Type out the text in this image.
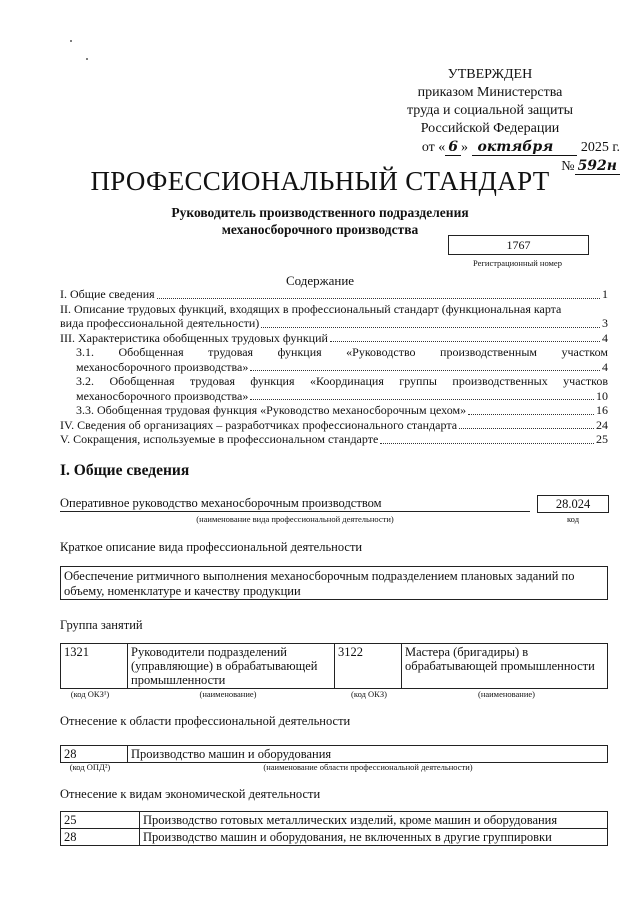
УТВЕРЖДЕН
приказом Министерства
труда и социальной защиты
Российской Федерации
от « 6 » октября 2025 г. № 592н
ПРОФЕССИОНАЛЬНЫЙ СТАНДАРТ
Руководитель производственного подразделения
механосборочного производства
1767
Регистрационный номер
Содержание
I. Общие сведения	1
II. Описание трудовых функций, входящих в профессиональный стандарт (функциональная карта
вида профессиональной деятельности)	3
III. Характеристика обобщенных трудовых функций	4
3.1. Обобщенная трудовая функция «Руководство производственным участком
механосборочного производства»	4
3.2. Обобщенная трудовая функция «Координация группы производственных участков
механосборочного производства»	10
3.3. Обобщенная трудовая функция «Руководство механосборочным цехом»	16
IV. Сведения об организациях – разработчиках профессионального стандарта	24
V. Сокращения, используемые в профессиональном стандарте	25
I. Общие сведения
Оперативное руководство механосборочным производством	28.024
(наименование вида профессиональной деятельности)	код
Краткое описание вида профессиональной деятельности
Обеспечение ритмичного выполнения механосборочным подразделением плановых заданий по объему, номенклатуре и качеству продукции
Группа занятий
1321	Руководители подразделений (управляющие) в обрабатывающей промышленности	3122	Мастера (бригадиры) в обрабатывающей промышленности
(код ОКЗ¹)	(наименование)	(код ОКЗ)	(наименование)
Отнесение к области профессиональной деятельности
28	Производство машин и оборудования
(код ОПД²)	(наименование области профессиональной деятельности)
Отнесение к видам экономической деятельности
25	Производство готовых металлических изделий, кроме машин и оборудования
28	Производство машин и оборудования, не включенных в другие группировки
